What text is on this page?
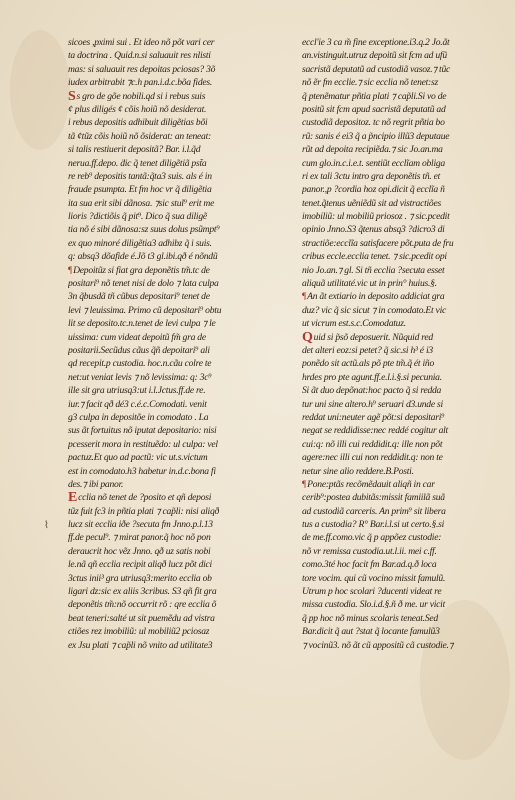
⌇
sicoes ,pximi sui . Et ideo nõ põt vari cer
ta doctrina . Quid.n.si saluauit res nlisti
mas: si saluauit res depoitas pciosas? 3õ
iudex arbitrabit ⁊c.h pan.i.d.c.bõa fides.
Ss gro de gõe nobili.qd si i rebus suis
¢ plus diligés ¢ cõis hoiũ nõ desiderat.
i rebus depositis adhibuit diligẽtias bõi
tã ¢tũz cõis hoiũ nõ õsiderat: an teneat:
si talis restiuerit depositã? Bar. i.l.q̃d
nerua.ff.depo. ḋic q̃ tenet diligẽtiã pst̃a
re reb⁹ depositis tantã:q̃ta3 suis. als é in
fraude psumpta. Et fm hoc vr q̃ diligẽtia
ita sua erit sibi dãnosa. ⁊sic stul⁹ erit me
lioris ?dictiõis q̃ pit⁹. Dico q̃ sua diligẽ
tia nõ é sibi dãnosa:sz suus dolus psũmpt⁹
ex quo minoré diligẽtia3 adhibz q̃ i suis.
q: absq3 dõafide é.Jõ t3 gl.ibi.qð é nõndũ
¶Depoitũz si fiat gra deponẽtis tm̃.tc de
positari⁹ nõ tenet nisi de dolo ⁊ lata culpa
3n q̃busdã tñ cũbus depositari⁹ tenet de
levi ⁊ leuissima. Primo cũ depositari⁹ obtu
lit se deposito.tc.n.tenet de levi culpa ⁊ le
uissima: cum videat depoitũ fm̃ gra de
positarii.Secũdus cãus q̃ñ depoitari⁹ ali
qd recepit.p custodia. hoc.n.cãu colre te
net:ut veniat levis ⁊ nõ levissima: q: 3c⁹
ille sit gra utriusq3:ut i.l.Jctus.ff.de re.
iur.⁊ facit qð dé3 c.é.c.Comodati. venit
g3 culpa in depositõe in comodato . La
sus ãt fortuitus nõ iputat depositario: nisi
pcesserit mora in restituẽdo: ul culpa: vel
pactuz.Et quo ad pactũ: vic ut.s.victum
est in comodato.h3 habetur in.d.c.bona fi
des.⁊ ibi panor.
Ecclia nõ tenet de ?posito et qñ deposi
tũz fuit fc3 in pñtia plati ⁊ cap̃li: nisi aliqð
lucz sit ecclia iðe ?secuta fm Jnno.p.l.13
ff.de pecul⁹. ⁊ mirat panor.q̃ hoc nõ pon
deraucrit hoc vẽz Jnno. qð uz satis nobi
le.nã qñ ecclia recipit aliqð lucz põt dici
3ctus inii³ gra utriusq3:merito ecclia ob
ligari dz:sic ex aliis 3cribus. S3 qñ fit gra
deponẽtis tm̃:nõ occurrit rõ : qre ecclia õ
beat teneri:salté ut sit puemẽdu ad vistra
ctiões rez imobiliũ: ul mobiliũ2 pciosaz
ex Jsu plati ⁊ cap̃li nõ vnito ad utilitate3
eccl'ie 3 ca m̃ fine exceptione.i3.q.2 Jo.ãt
an.vistinguit.utruz depoitũ sit fcm ad ufũ
sacristã deputatũ ad custodiã vasoz.⁊ tũc
nõ ẽr fm ecclie.⁊ sic ecclia nõ tenet:sz
q̃ ptenẽmatur pñtia plati ⁊ cap̃li.Si vo de
positũ sit fcm apud sacristã deputatũ ad
custodiã depositoz. tc nõ regrit pñtia bo
rũ: sanis é ei3 q̃ a p̃ncipio illũ3 deputaue
rũt ad depoita recipiẽda.⁊ sic Jo.an.ma
cum glo.in.c.i.e.t. sentiũt ecclĩam obliga
ri ex tali 3ctu intro gra deponẽtis tñ. et
panor.,p ?cordia hoz opi.dicit q̃ ecclĩa ñ
tenet.q̃tenus uẽniẽdũ sit ad vistractiões
imobiliũ: ul mobiliũ priosoz . ⁊ sic.pcedit
opinio Jnno.S3 q̃tenus absq3 ?dicro3 di
stractiõe:ecclĩa satisfacere põt.puta de fru
cribus eccle.ecclia tenet. ⁊ sic.pcedit opi
nio Jo.an.⁊ gl. Si tñ ecclia ?secuta esset
aliquã utilitaté.vic ut in prin° huius.§.
¶An ãt extiario in deposito addiciat gra
duz? vic q̃ sic sicut ⁊ in comodato.Et vic
ut vicrum est.s.c.Comodatuz.
Quid si p̃sõ deposuerit. Nũquid red
det alteri eoz:si petet? q̃ sic.si h³ é i3
ponẽdo sit actũ.als põ pte tm̃.q̃ ét iño
hrdes pro pte agunt.ff.e.l.i.§.si pecunia.
Si ãt duo depõnat:hoc pacto q̃ si redda
tur uni sine altero.h⁹ seruari d3.unde si
reddat uni:neuter agẽ põt:si depositari⁹
negat se reddidisse:nec reddé cogitur alt
cui:q: nõ illi cui reddidit.q: ille non põt
agere:nec illi cui non reddidit.q: non te
netur sine alio reddere.B.Posti.
¶Pone:ptãs recõmẽdauit aliqñ in car
cerib⁹:postea dubitãs:missit famiilã suã
ad custodiã carceris. An prim⁹ sit libera
tus a custodia? R° Bar.i.l.si ut certo.§.si
de me.ff.como.vic q̃ p appõez custodie:
nõ vr remissa custodia.ut.l.ii. mei c.ff.
como.3té hoc facit fm Bar.ad.q.ð loca
tore vocim. qui cũ vocino missit famulũ.
Utrum p hoc scolari ?ducenti videat re
missa custodia. Slo.i.d.§.ñ ð me. ur vicit
q̃ pp hoc nõ minus scolaris teneat.Sed
Bar.dicit q̃ aut ?stat q̃ locante famulũ3
⁊ vocinũ3. nõ ãt cũ appositũ cã custodie.⁊
